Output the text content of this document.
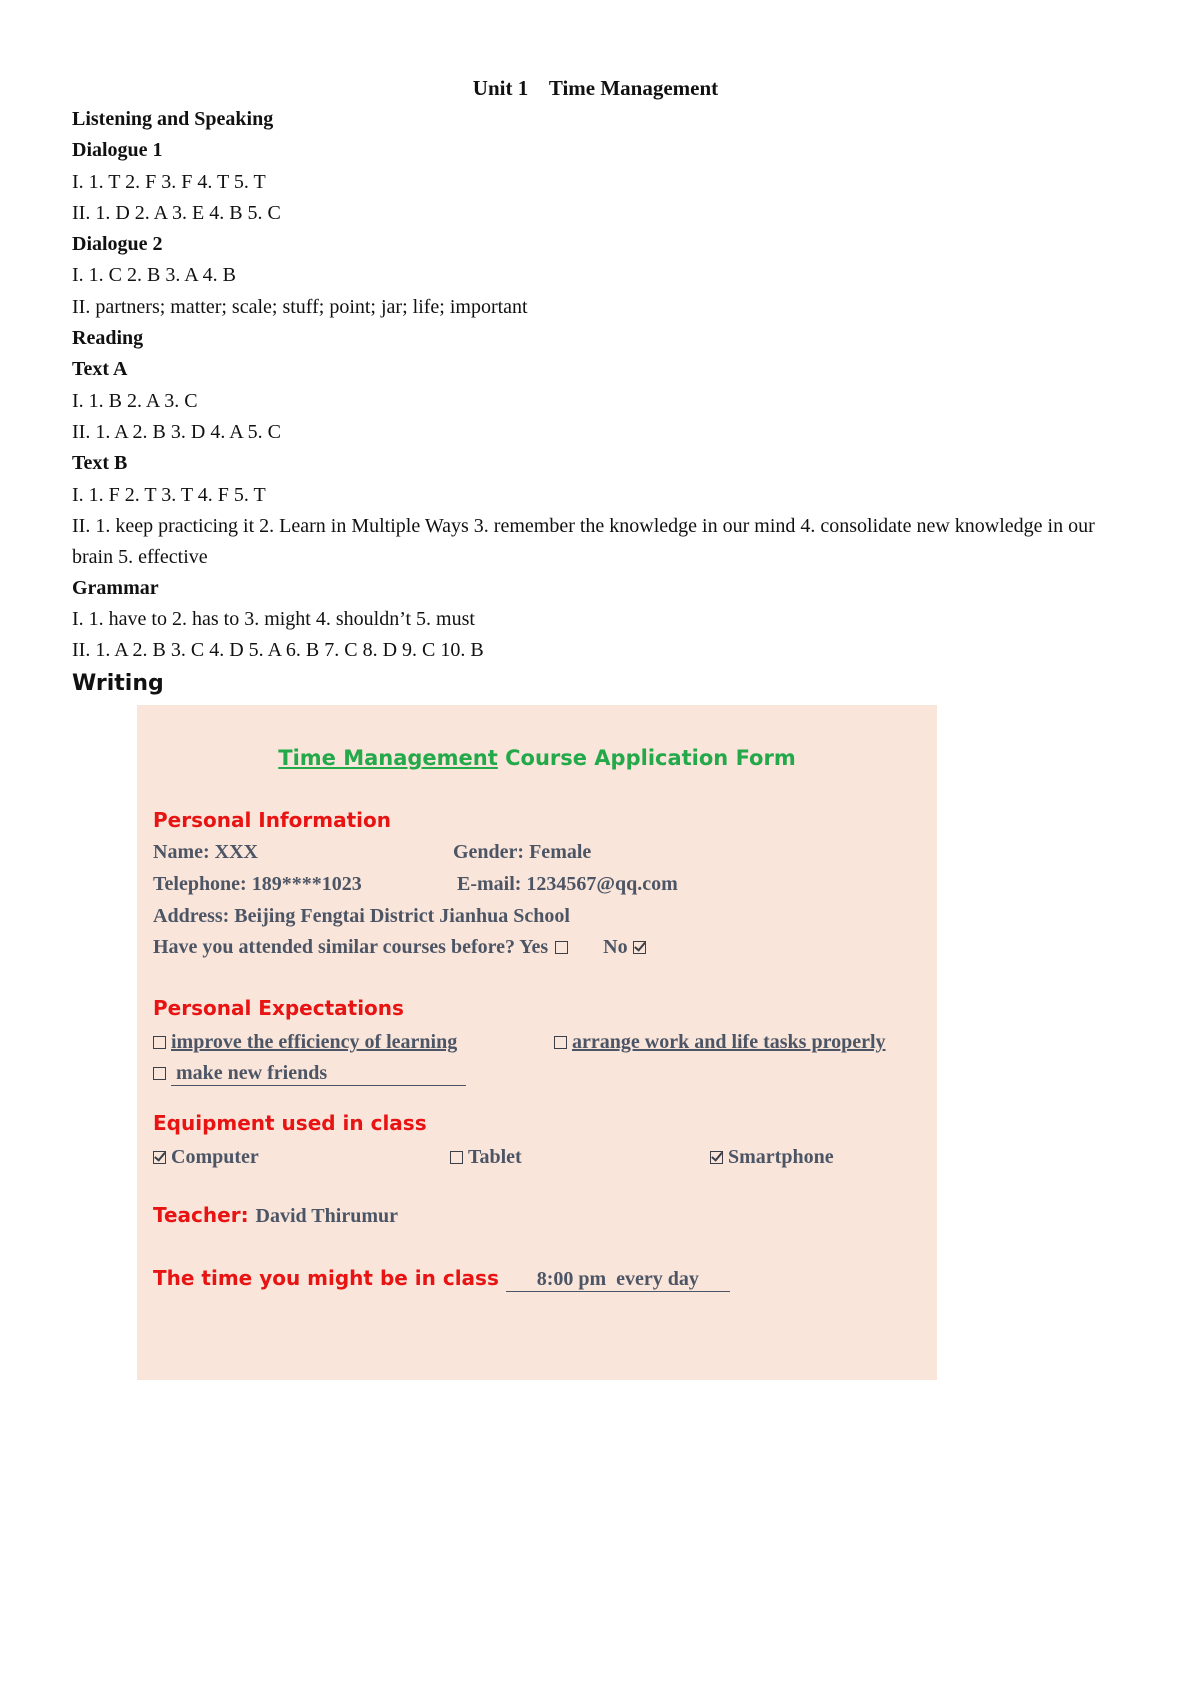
Unit 1    Time Management

Listening and Speaking

Dialogue 1

I. 1. T 2. F 3. F 4. T 5. T

II. 1. D 2. A 3. E 4. B 5. C

Dialogue 2

I. 1. C 2. B 3. A 4. B

II. partners; matter; scale; stuff; point; jar; life; important

Reading

Text A

I. 1. B 2. A 3. C

II. 1. A 2. B 3. D 4. A 5. C

Text B

I. 1. F 2. T 3. T 4. F 5. T

II. 1. keep practicing it 2. Learn in Multiple Ways 3. remember the knowledge in our mind 4. consolidate new knowledge in our brain 5. effective

Grammar

I. 1. have to 2. has to 3. might 4. shouldn’t 5. must

II. 1. A 2. B 3. C 4. D 5. A 6. B 7. C 8. D 9. C 10. B

Writing

Time Management Course Application Form
Personal Information
Name: XXX	Gender: Female
Telephone: 189****1023	E-mail: 1234567@qq.com
Address: Beijing Fengtai District Jianhua School
Have you attended similar courses before? Yes	No
Personal Expectations
improve the efficiency of learning	arrange work and life tasks properly
make new friends
Equipment used in class
Computer	Tablet	Smartphone
Teacher: David Thirumur
The time you might be in class 8:00 pm  every day
